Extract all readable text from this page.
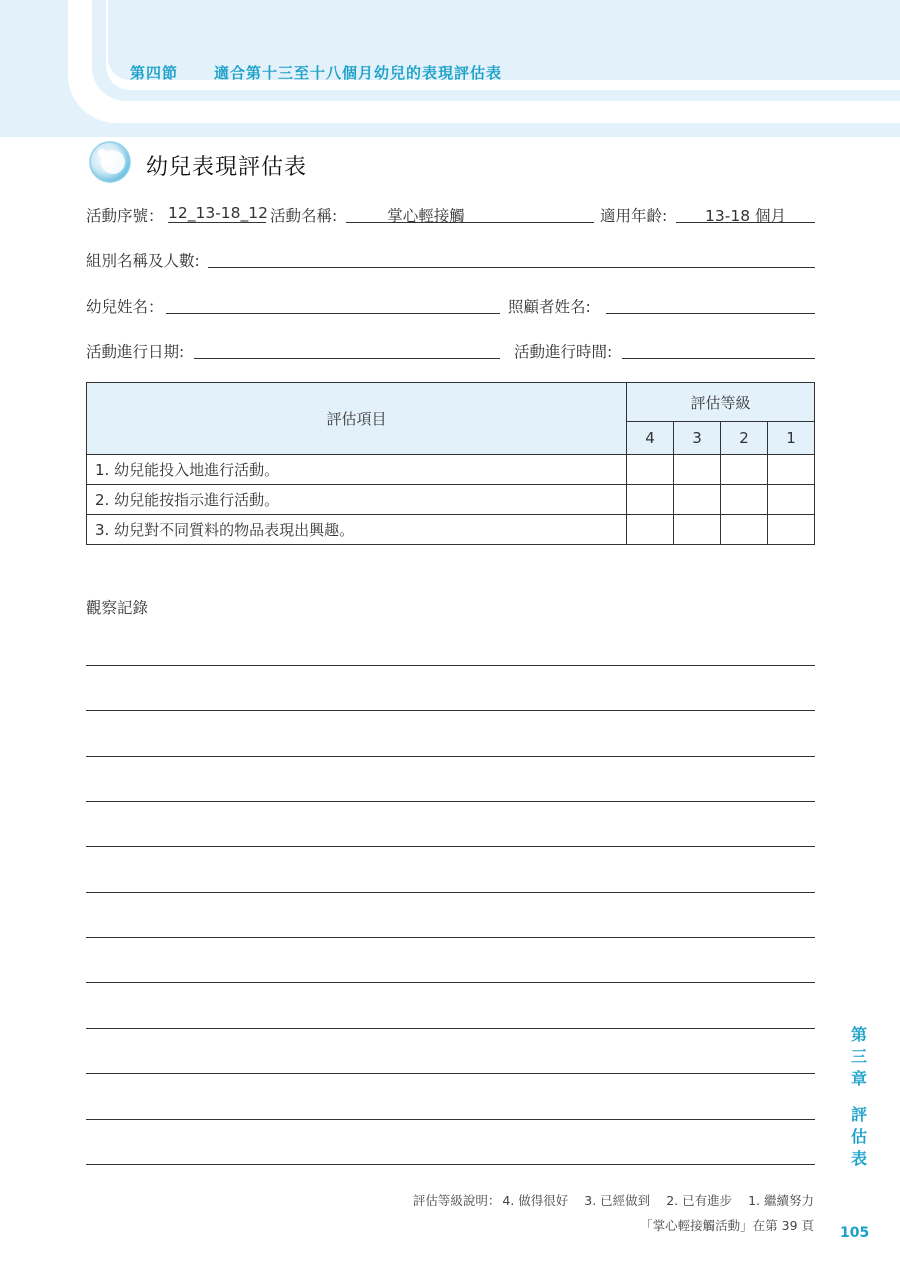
第四節 適合第十三至十八個月幼兒的表現評估表
幼兒表現評估表
活動序號： 12_13-18_12 活動名稱:	掌心輕接觸	適用年齡:	13-18 個月
組別名稱及人數:
幼兒姓名：	照顧者姓名:
活動進行日期:	活動進行時間:
評估項目	評估等級			
	4	3	2	1
1. 幼兒能投入地進行活動。				
2. 幼兒能按指示進行活動。				
3. 幼兒對不同質料的物品表現出興趣。				
觀察記錄
第
三
章
評
估
表
評估等級說明： 4. 做得很好 3. 已經做到 2. 已有進步 1. 繼續努力
「掌心輕接觸活動」在第 39 頁 105
